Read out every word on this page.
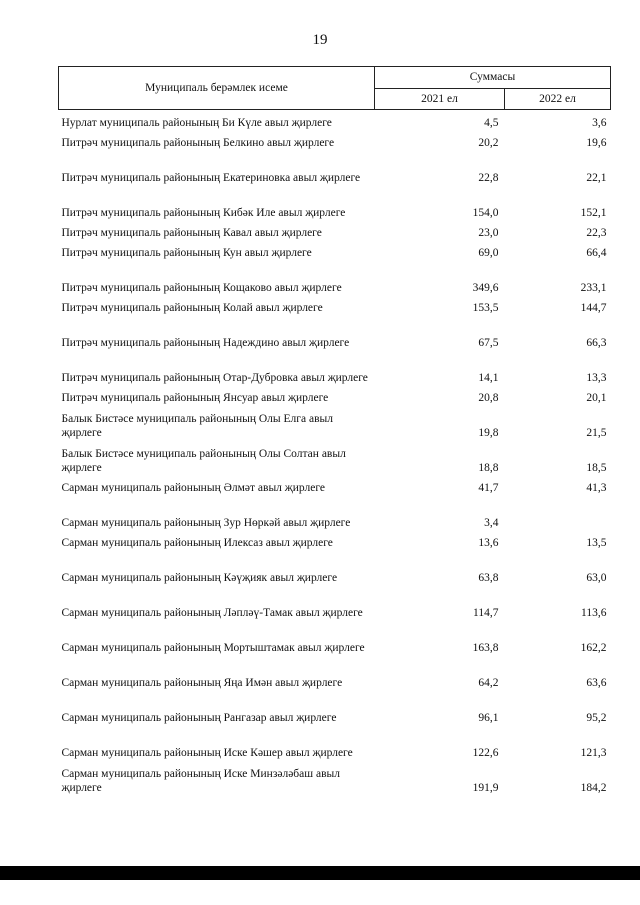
19
Муниципаль берәмлек исеме	Суммасы	
	2021 ел	2022 ел
Нурлат муниципаль районының Би Күле авыл җирлеге	4,5	3,6
Питрәч муниципаль районының Белкино авыл җирлеге	20,2	19,6
Питрәч муниципаль районының Екатериновка авыл җирлеге	22,8	22,1
Питрәч муниципаль районының Кибәк Иле авыл җирлеге	154,0	152,1
Питрәч муниципаль районының Кавал авыл җирлеге	23,0	22,3
Питрәч муниципаль районының Кун авыл җирлеге	69,0	66,4
Питрәч муниципаль районының Кощаково авыл җирлеге	349,6	233,1
Питрәч муниципаль районының Колай авыл җирлеге	153,5	144,7
Питрәч муниципаль районының Надеждино авыл җирлеге	67,5	66,3
Питрәч муниципаль районының Отар-Дубровка авыл җирлеге	14,1	13,3
Питрәч муниципаль районының Янсуар авыл җирлеге	20,8	20,1
Балык Бистәсе муниципаль районының Олы Елга авыл җирлеге	19,8	21,5
Балык Бистәсе муниципаль районының Олы Солтан авыл җирлеге	18,8	18,5
Сарман муниципаль районының Әлмәт авыл җирлеге	41,7	41,3
Сарман муниципаль районының Зур Нөркәй авыл җирлеге	3,4	
Сарман муниципаль районының Илексаз авыл җирлеге	13,6	13,5
Сарман муниципаль районының Кәүҗияк авыл җирлеге	63,8	63,0
Сарман муниципаль районының Ләпләү-Тамак авыл җирлеге	114,7	113,6
Сарман муниципаль районының Мортыштамак авыл җирлеге	163,8	162,2
Сарман муниципаль районының Яңа Имән авыл җирлеге	64,2	63,6
Сарман муниципаль районының Рангазар авыл җирлеге	96,1	95,2
Сарман муниципаль районының Иске Кәшер авыл җирлеге	122,6	121,3
Сарман муниципаль районының Иске Минзәләбаш авыл җирлеге	191,9	184,2
